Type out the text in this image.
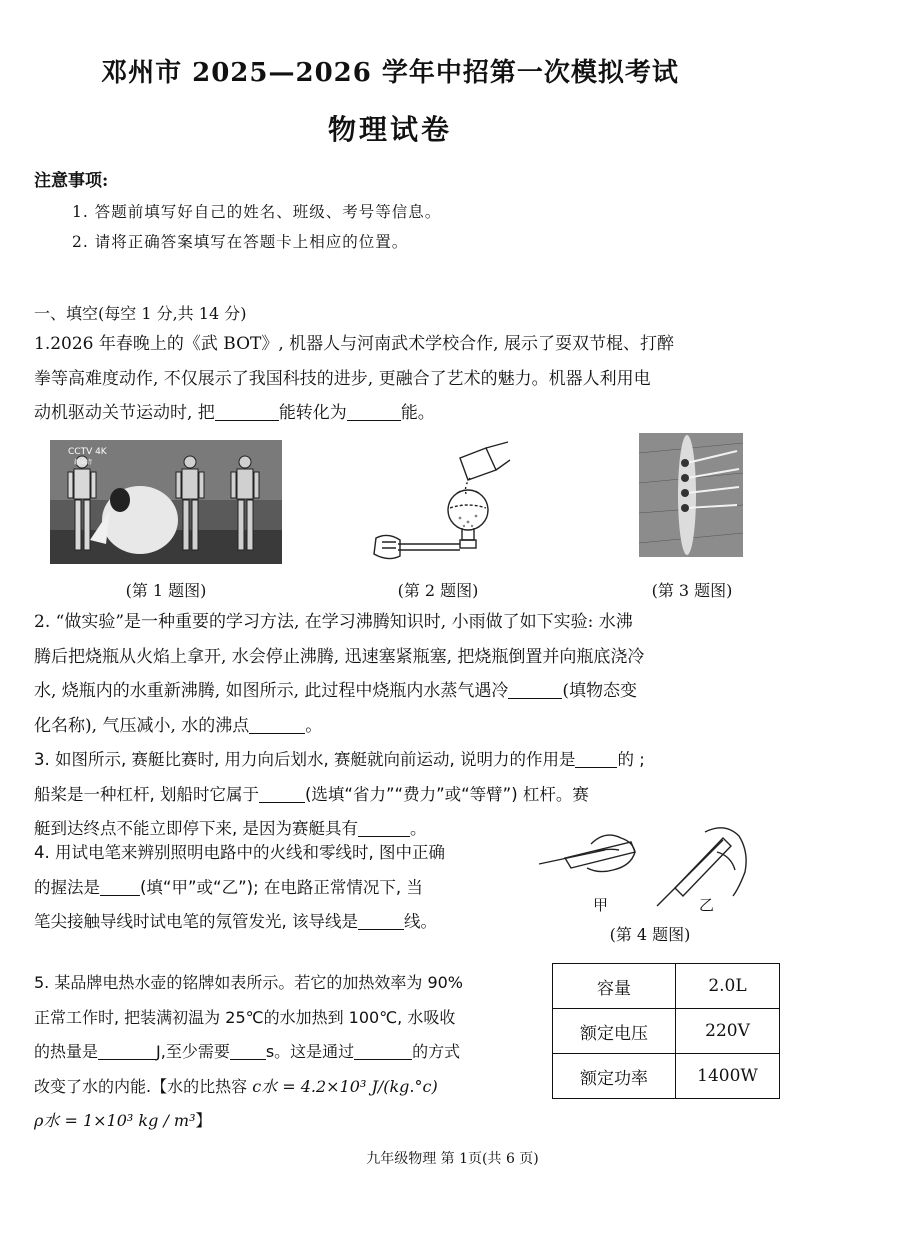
邓州市 2025—2026 学年中招第一次模拟考试
物理试卷
注意事项:
1. 答题前填写好自己的姓名、班级、考号等信息。
2. 请将正确答案填写在答题卡上相应的位置。
一、填空(每空 1 分,共 14 分)
1.2026 年春晚上的《武 BOT》, 机器人与河南武术学校合作, 展示了耍双节棍、打醉
拳等高难度动作, 不仅展示了我国科技的进步, 更融合了艺术的魅力。机器人利用电
动机驱动关节运动时, 把	能转化为	能。
CCTV 4K
超高清
(第 1 题图)	(第 2 题图)	(第 3 题图)
2. “做实验”是一种重要的学习方法, 在学习沸腾知识时, 小雨做了如下实验: 水沸
腾后把烧瓶从火焰上拿开, 水会停止沸腾, 迅速塞紧瓶塞, 把烧瓶倒置并向瓶底浇冷
水, 烧瓶内的水重新沸腾, 如图所示, 此过程中烧瓶内水蒸气遇冷	(填物态变
化名称), 气压减小, 水的沸点	。
3. 如图所示, 赛艇比赛时, 用力向后划水, 赛艇就向前运动, 说明力的作用是	的 ;
船桨是一种杠杆, 划船时它属于	(选填“省力”“费力”或“等臂”) 杠杆。赛
艇到达终点不能立即停下来, 是因为赛艇具有	。
4. 用试电笔来辨别照明电路中的火线和零线时, 图中正确
的握法是 (填“甲”或“乙”); 在电路正常情况下, 当
笔尖接触导线时试电笔的氖管发光, 该导线是	线。
甲	乙
(第 4 题图)
5. 某品牌电热水壶的铭牌如表所示。若它的加热效率为 90%
正常工作时, 把装满初温为 25℃的水加热到 100℃, 水吸收
的热量是	J,至少需要 s。这是通过	的方式
改变了水的内能.【水的比热容 c水 = 4.2×10³ J/(kg.°c)
ρ水 = 1×10³ kg / m³】
容量	2.0L
额定电压	220V
额定功率	1400W
九年级物理 第 1页(共 6 页)
